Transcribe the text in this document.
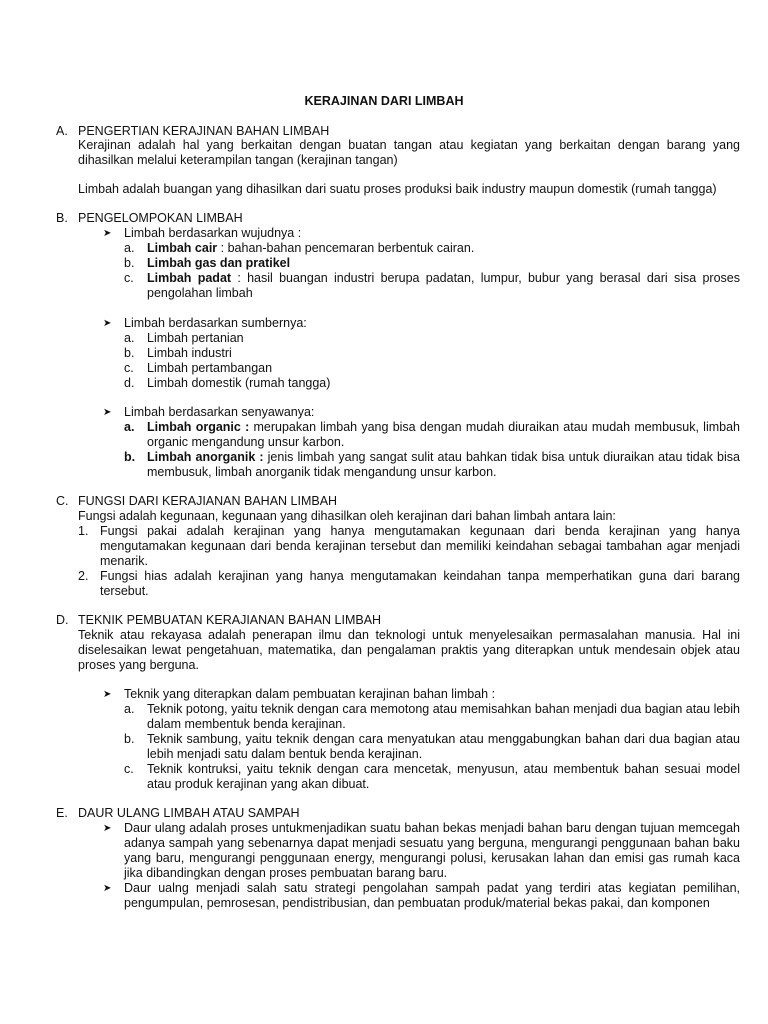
KERAJINAN DARI LIMBAH
A. PENGERTIAN KERAJINAN BAHAN LIMBAH
Kerajinan adalah hal yang berkaitan dengan buatan tangan atau kegiatan yang berkaitan dengan barang yang dihasilkan melalui keterampilan tangan (kerajinan tangan)
Limbah adalah buangan yang dihasilkan dari suatu proses produksi baik industry maupun domestik (rumah tangga)
B. PENGELOMPOKAN LIMBAH
➤	Limbah berdasarkan wujudnya :
a.	Limbah cair : bahan-bahan pencemaran berbentuk cairan.
b.	Limbah gas dan pratikel
c.	Limbah padat : hasil buangan industri berupa padatan, lumpur, bubur yang berasal dari sisa proses pengolahan limbah
➤	Limbah berdasarkan sumbernya:
a.	Limbah pertanian
b.	Limbah industri
c.	Limbah pertambangan
d.	Limbah domestik (rumah tangga)
➤	Limbah berdasarkan senyawanya:
a.	Limbah organic : merupakan limbah yang bisa dengan mudah diuraikan atau mudah membusuk, limbah organic mengandung unsur karbon.
b. Limbah anorganik : jenis limbah yang sangat sulit atau bahkan tidak bisa untuk diuraikan atau tidak bisa membusuk, limbah anorganik tidak mengandung unsur karbon.
C. FUNGSI DARI KERAJIANAN BAHAN LIMBAH
Fungsi adalah kegunaan, kegunaan yang dihasilkan oleh kerajinan dari bahan limbah antara lain:
1. Fungsi pakai adalah kerajinan yang hanya mengutamakan kegunaan dari benda kerajinan yang hanya mengutamakan kegunaan dari benda kerajinan tersebut dan memiliki keindahan sebagai tambahan agar menjadi menarik.
2. Fungsi hias adalah kerajinan yang hanya mengutamakan keindahan tanpa memperhatikan guna dari barang tersebut.
D. TEKNIK PEMBUATAN KERAJIANAN BAHAN LIMBAH
Teknik atau rekayasa adalah penerapan ilmu dan teknologi untuk menyelesaikan permasalahan manusia. Hal ini diselesaikan lewat pengetahuan, matematika, dan pengalaman praktis yang diterapkan untuk mendesain objek atau proses yang berguna.
➤	Teknik yang diterapkan dalam pembuatan kerajinan bahan limbah :
a.	Teknik potong, yaitu teknik dengan cara memotong atau memisahkan bahan menjadi dua bagian atau lebih dalam membentuk benda kerajinan.
b.	Teknik sambung, yaitu teknik dengan cara menyatukan atau menggabungkan bahan dari dua bagian atau lebih menjadi satu dalam bentuk benda kerajinan.
c.	Teknik kontruksi, yaitu teknik dengan cara mencetak, menyusun, atau membentuk bahan sesuai model atau produk kerajinan yang akan dibuat.
E. DAUR ULANG LIMBAH ATAU SAMPAH
➤	Daur ulang adalah proses untukmenjadikan suatu bahan bekas menjadi bahan baru dengan tujuan memcegah adanya sampah yang sebenarnya dapat menjadi sesuatu yang berguna, mengurangi penggunaan bahan baku yang baru, mengurangi penggunaan energy, mengurangi polusi, kerusakan lahan dan emisi gas rumah kaca jika dibandingkan dengan proses pembuatan barang baru.
➤	Daur ualng menjadi salah satu strategi pengolahan sampah padat yang terdiri atas kegiatan pemilihan, pengumpulan, pemrosesan, pendistribusian, dan pembuatan produk/material bekas pakai, dan komponen
